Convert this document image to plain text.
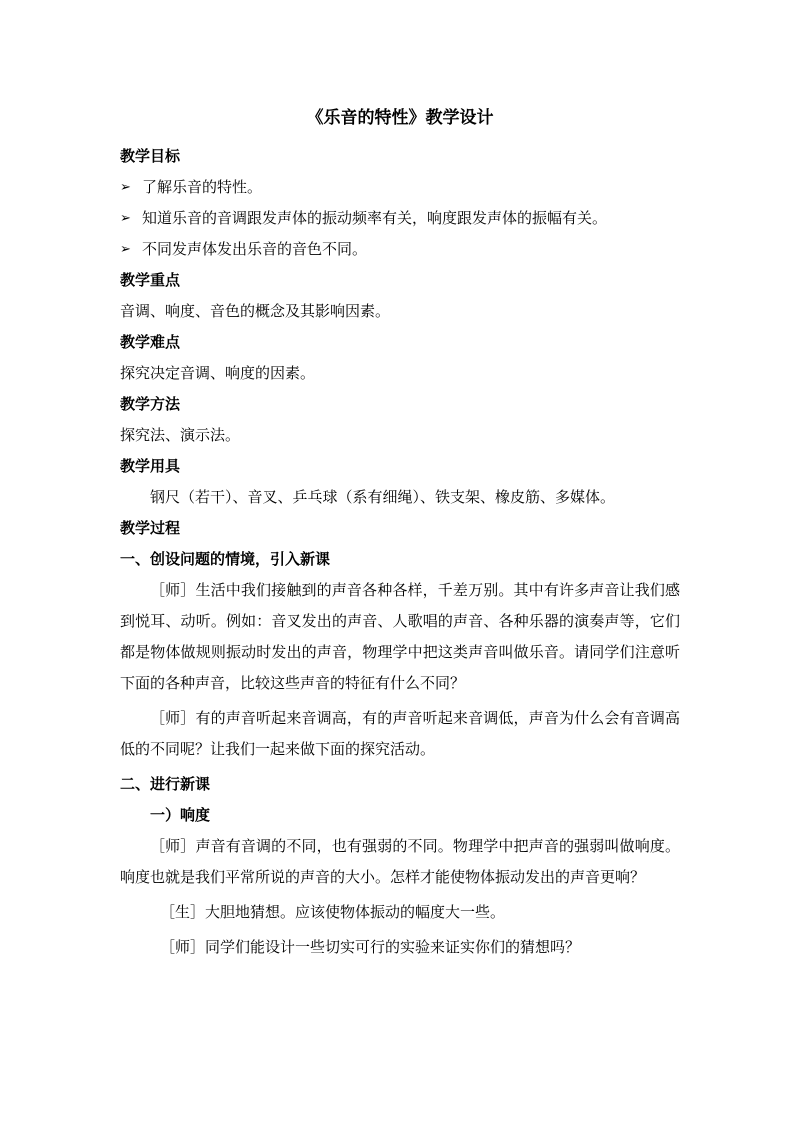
《乐音的特性》教学设计
教学目标
➢ 了解乐音的特性。
➢ 知道乐音的音调跟发声体的振动频率有关，响度跟发声体的振幅有关。
➢ 不同发声体发出乐音的音色不同。
教学重点
音调、响度、音色的概念及其影响因素。
教学难点
探究决定音调、响度的因素。
教学方法
探究法、演示法。
教学用具
钢尺（若干）、音叉、乒乓球（系有细绳）、铁支架、橡皮筋、多媒体。
教学过程
一、创设问题的情境，引入新课

［师］生活中我们接触到的声音各种各样，千差万别。其中有许多声音让我们感到悦耳、动听。例如：音叉发出的声音、人歌唱的声音、各种乐器的演奏声等，它们都是物体做规则振动时发出的声音，物理学中把这类声音叫做乐音。请同学们注意听下面的各种声音，比较这些声音的特征有什么不同？

［师］有的声音听起来音调高，有的声音听起来音调低，声音为什么会有音调高低的不同呢？让我们一起来做下面的探究活动。

二、进行新课
一）响度

［师］声音有音调的不同，也有强弱的不同。物理学中把声音的强弱叫做响度。响度也就是我们平常所说的声音的大小。怎样才能使物体振动发出的声音更响？

［生］大胆地猜想。应该使物体振动的幅度大一些。

［师］同学们能设计一些切实可行的实验来证实你们的猜想吗？
